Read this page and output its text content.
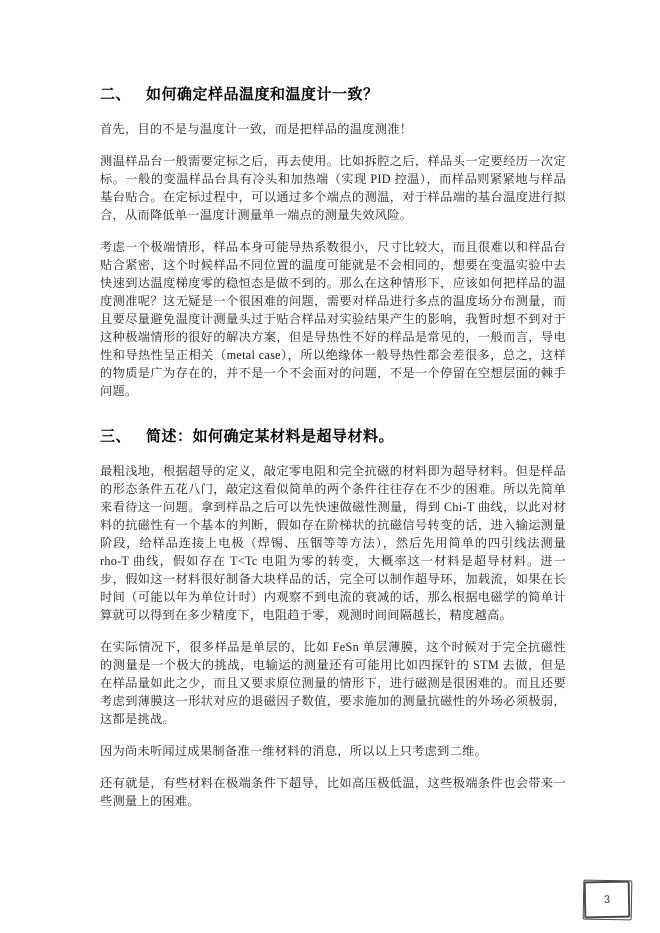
二、 如何确定样品温度和温度计一致？

首先，目的不是与温度计一致，而是把样品的温度测准！

测温样品台一般需要定标之后，再去使用。比如拆腔之后，样品头一定要经历一次定标。一般的变温样品台具有冷头和加热端（实现 PID 控温），而样品则紧紧地与样品基台贴合。在定标过程中，可以通过多个端点的测温，对于样品端的基台温度进行拟合，从而降低单一温度计测量单一端点的测量失效风险。

考虑一个极端情形，样品本身可能导热系数很小，尺寸比较大，而且很难以和样品台贴合紧密，这个时候样品不同位置的温度可能就是不会相同的，想要在变温实验中去快速到达温度梯度零的稳恒态是做不到的。那么在这种情形下，应该如何把样品的温度测准呢？这无疑是一个很困难的问题，需要对样品进行多点的温度场分布测量，而且要尽量避免温度计测量头过于贴合样品对实验结果产生的影响，我暂时想不到对于这种极端情形的很好的解决方案，但是导热性不好的样品是常见的，一般而言，导电性和导热性呈正相关（metal case），所以绝缘体一般导热性都会差很多，总之，这样的物质是广为存在的，并不是一个不会面对的问题，不是一个停留在空想层面的棘手问题。

三、 简述：如何确定某材料是超导材料。

最粗浅地，根据超导的定义，敲定零电阻和完全抗磁的材料即为超导材料。但是样品的形态条件五花八门，敲定这看似简单的两个条件往往存在不少的困难。所以先简单来看待这一问题。拿到样品之后可以先快速做磁性测量，得到 Chi-T 曲线，以此对材料的抗磁性有一个基本的判断，假如存在阶梯状的抗磁信号转变的话，进入输运测量阶段，给样品连接上电极（焊锡、压铟等等方法），然后先用简单的四引线法测量 rho-T 曲线，假如存在 T<Tc 电阻为零的转变，大概率这一材料是超导材料。进一步，假如这一材料很好制备大块样品的话，完全可以制作超导环，加载流，如果在长时间（可能以年为单位计时）内观察不到电流的衰减的话，那么根据电磁学的简单计算就可以得到在多少精度下，电阻趋于零，观测时间间隔越长，精度越高。

在实际情况下，很多样品是单层的，比如 FeSn 单层薄膜，这个时候对于完全抗磁性的测量是一个极大的挑战，电输运的测量还有可能用比如四探针的 STM 去做，但是在样品量如此之少，而且又要求原位测量的情形下，进行磁测是很困难的。而且还要考虑到薄膜这一形状对应的退磁因子数值，要求施加的测量抗磁性的外场必须极弱，这都是挑战。

因为尚未听闻过成果制备准一维材料的消息，所以以上只考虑到二维。

还有就是，有些材料在极端条件下超导，比如高压极低温，这些极端条件也会带来一些测量上的困难。

3
